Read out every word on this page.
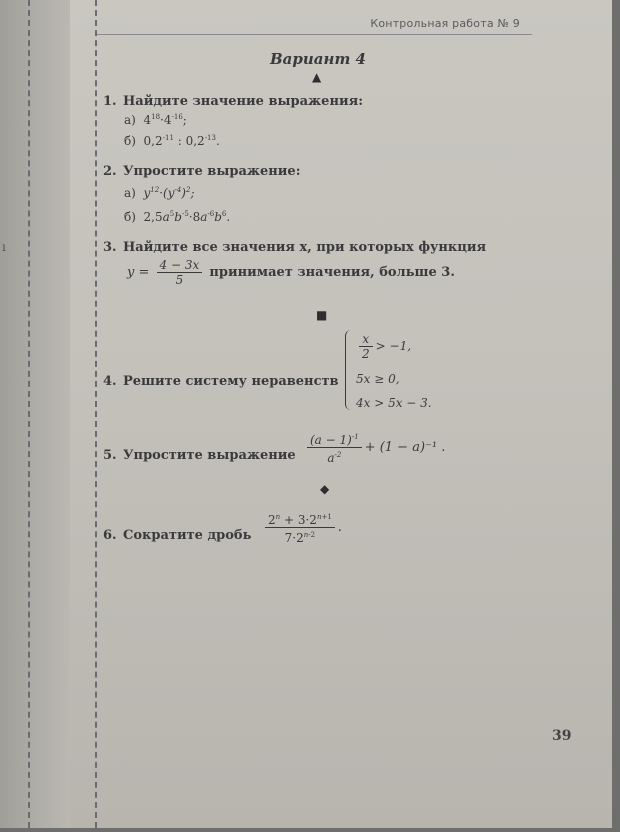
ı
Контрольная работа № 9
Вариант 4
▲
1. Найдите значение выражения:
а) $4^{18}\cdot 4^{-16}$;
б) $0,2^{-11}$ : $0,2^{-13}$.
2. Упростите выражение:
а) $y^{12}\cdot(y^{-4})^2$;
б) $2,5a^5b^{-5}\cdot 8a^{-6}b^6$.
3. Найдите все значения x, при которых функция
$y = \frac{4 - 3x}{5}$ принимает значения, больше 3.
■
4. Решите систему неравенств
$\frac{x}{2} > -1$,
5x ≥ 0,
4x > 5x − 3.
5. Упростите выражение $\frac{(a - 1)^{-1}}{a^{-2}} + (1 - a)^{-1}$ .
◆
6. Сократите дробь $\frac{2^n + 3\cdot 2^{n+1}}{7\cdot 2^{n-2}}$ .
39
